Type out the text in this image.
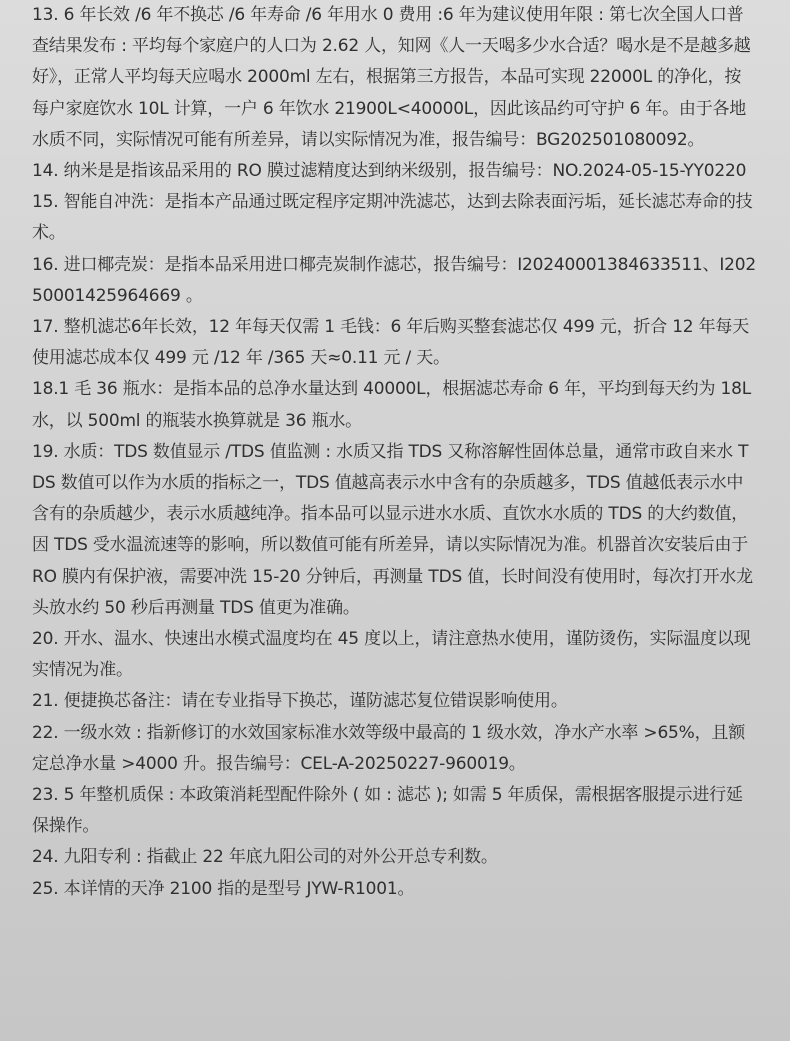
13. 6 年长效 /6 年不换芯 /6 年寿命 /6 年用水 0 费用 :6 年为建议使用年限 : 第七次全国人口普查结果发布 : 平均每个家庭户的人口为 2.62 人，知网《人一天喝多少水合适？喝水是不是越多越好》，正常人平均每天应喝水 2000ml 左右，根据第三方报告，本品可实现 22000L 的净化，按每户家庭饮水 10L 计算，一户 6 年饮水 21900L<40000L，因此该品约可守护 6 年。由于各地水质不同，实际情况可能有所差异，请以实际情况为准，报告编号：BG202501080092。
14. 纳米是是指该品采用的 RO 膜过滤精度达到纳米级别，报告编号：NO.2024-05-15-YY0220
15. 智能自冲洗：是指本产品通过既定程序定期冲洗滤芯，达到去除表面污垢，延长滤芯寿命的技术。
16. 进口椰壳炭：是指本品采用进口椰壳炭制作滤芯，报告编号：I20240001384633511、I20250001425964669 。
17. 整机滤芯6年长效，12 年每天仅需 1 毛钱：6 年后购买整套滤芯仅 499 元，折合 12 年每天使用滤芯成本仅 499 元 /12 年 /365 天≈0.11 元 / 天。
18.1 毛 36 瓶水：是指本品的总净水量达到 40000L，根据滤芯寿命 6 年，平均到每天约为 18L 水，以 500ml 的瓶装水换算就是 36 瓶水。
19. 水质：TDS 数值显示 /TDS 值监测 : 水质又指 TDS 又称溶解性固体总量，通常市政自来水 TDS 数值可以作为水质的指标之一，TDS 值越高表示水中含有的杂质越多，TDS 值越低表示水中含有的杂质越少，表示水质越纯净。指本品可以显示进水水质、直饮水水质的 TDS 的大约数值，因 TDS 受水温流速等的影响，所以数值可能有所差异，请以实际情况为准。机器首次安装后由于 RO 膜内有保护液，需要冲洗 15-20 分钟后，再测量 TDS 值，长时间没有使用时，每次打开水龙头放水约 50 秒后再测量 TDS 值更为准确。
20. 开水、温水、快速出水模式温度均在 45 度以上，请注意热水使用，谨防烫伤，实际温度以现实情况为准。
21. 便捷换芯备注：请在专业指导下换芯，谨防滤芯复位错误影响使用。
22. 一级水效 : 指新修订的水效国家标准水效等级中最高的 1 级水效，净水产水率 >65%，且额定总净水量 >4000 升。报告编号：CEL-A-20250227-960019。
23. 5 年整机质保 : 本政策消耗型配件除外 ( 如 : 滤芯 ); 如需 5 年质保，需根据客服提示进行延保操作。
24. 九阳专利 : 指截止 22 年底九阳公司的对外公开总专利数。
25. 本详情的天净 2100 指的是型号 JYW-R1001。
